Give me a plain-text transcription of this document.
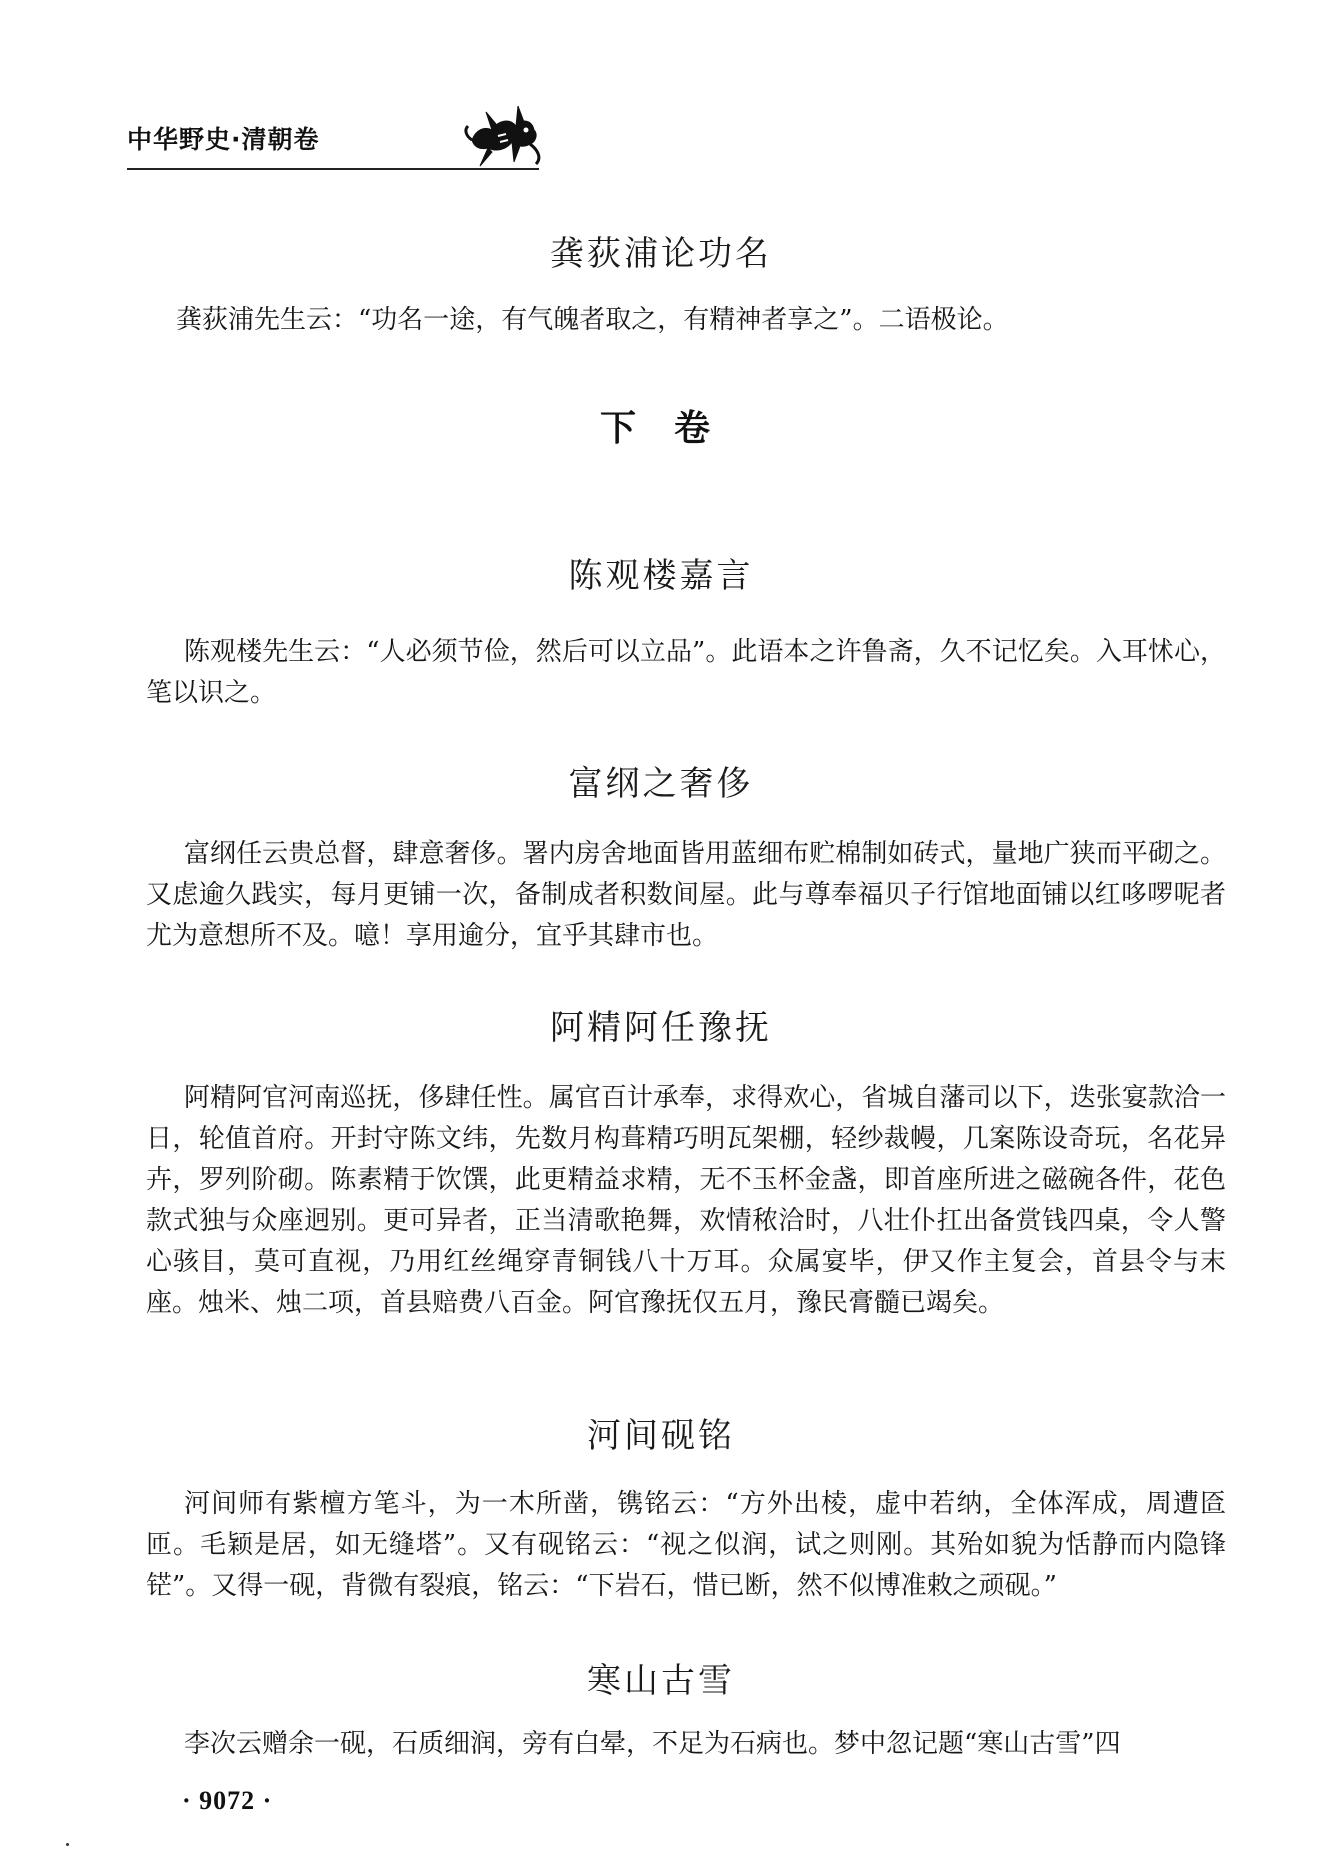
中华野史·清朝卷
龚荻浦论功名
龚荻浦先生云：“功名一途，有气魄者取之，有精神者享之”。二语极论。
下卷
陈观楼嘉言
陈观楼先生云：“人必须节俭，然后可以立品”。此语本之许鲁斋，久不记忆矣。入耳怵心，笔以识之。
富纲之奢侈
富纲任云贵总督，肆意奢侈。署内房舍地面皆用蓝细布贮棉制如砖式，量地广狭而平砌之。又虑逾久践实，每月更铺一次，备制成者积数间屋。此与尊奉福贝子行馆地面铺以红哆啰呢者尤为意想所不及。噫！享用逾分，宜乎其肆市也。
阿精阿任豫抚
阿精阿官河南巡抚，侈肆任性。属官百计承奉，求得欢心，省城自藩司以下，迭张宴款洽一日，轮值首府。开封守陈文纬，先数月构葺精巧明瓦架棚，轻纱裁幔，几案陈设奇玩，名花异卉，罗列阶砌。陈素精于饮馔，此更精益求精，无不玉杯金盏，即首座所进之磁碗各件，花色款式独与众座迥别。更可异者，正当清歌艳舞，欢情秾洽时，八壮仆扛出备赏钱四桌，令人警心骇目，莫可直视，乃用红丝绳穿青铜钱八十万耳。众属宴毕，伊又作主复会，首县令与末座。烛米、烛二项，首县赔费八百金。阿官豫抚仅五月，豫民膏髓已竭矣。
河间砚铭
河间师有紫檀方笔斗，为一木所凿，镌铭云：“方外出棱，虚中若纳，全体浑成，周遭匼匝。毛颖是居，如无缝塔”。又有砚铭云：“视之似润，试之则刚。其殆如貌为恬静而内隐锋铓”。又得一砚，背微有裂痕，铭云：“下岩石，惜已断，然不似博准敕之顽砚。”
寒山古雪
李次云赠余一砚，石质细润，旁有白晕，不足为石病也。梦中忽记题“寒山古雪”四
· 9072 ·
